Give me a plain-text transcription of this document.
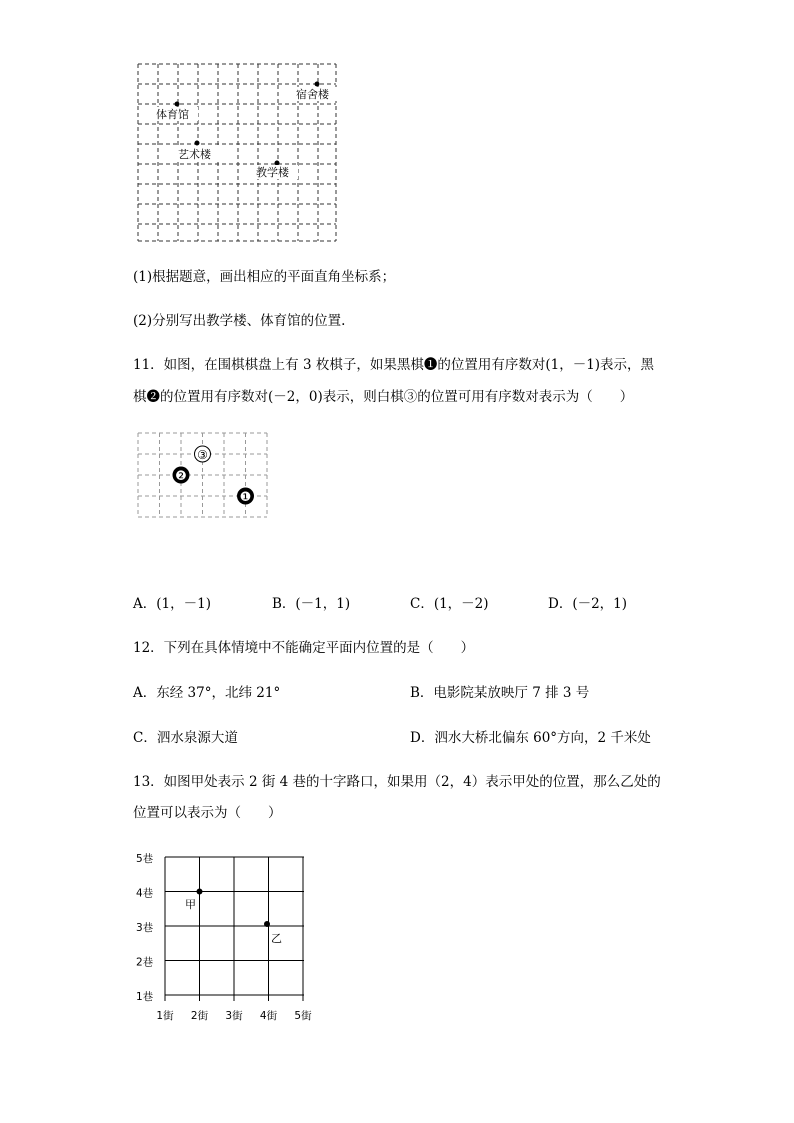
宿舍楼
体育馆
艺术楼
教学楼
(1)根据题意，画出相应的平面直角坐标系；
(2)分别写出教学楼、体育馆的位置.
11．如图，在围棋棋盘上有 3 枚棋子，如果黑棋❶的位置用有序数对(1，－1)表示，黑
棋❷的位置用有序数对(－2，0)表示，则白棋③的位置可用有序数对表示为（　　）
③
❷
❶
A．(1，－1)	B．(－1，1)	C．(1，－2)	D．(－2，1)
12．下列在具体情境中不能确定平面内位置的是（　　）
A．东经 37°，北纬 21°	B．电影院某放映厅 7 排 3 号
C．泗水泉源大道	D．泗水大桥北偏东 60°方向，2 千米处
13．如图甲处表示 2 街 4 巷的十字路口，如果用（2，4）表示甲处的位置，那么乙处的
位置可以表示为（　　）
5巷
4巷
3巷
2巷
1巷
1街 2街 3街 4街 5街
甲
乙
